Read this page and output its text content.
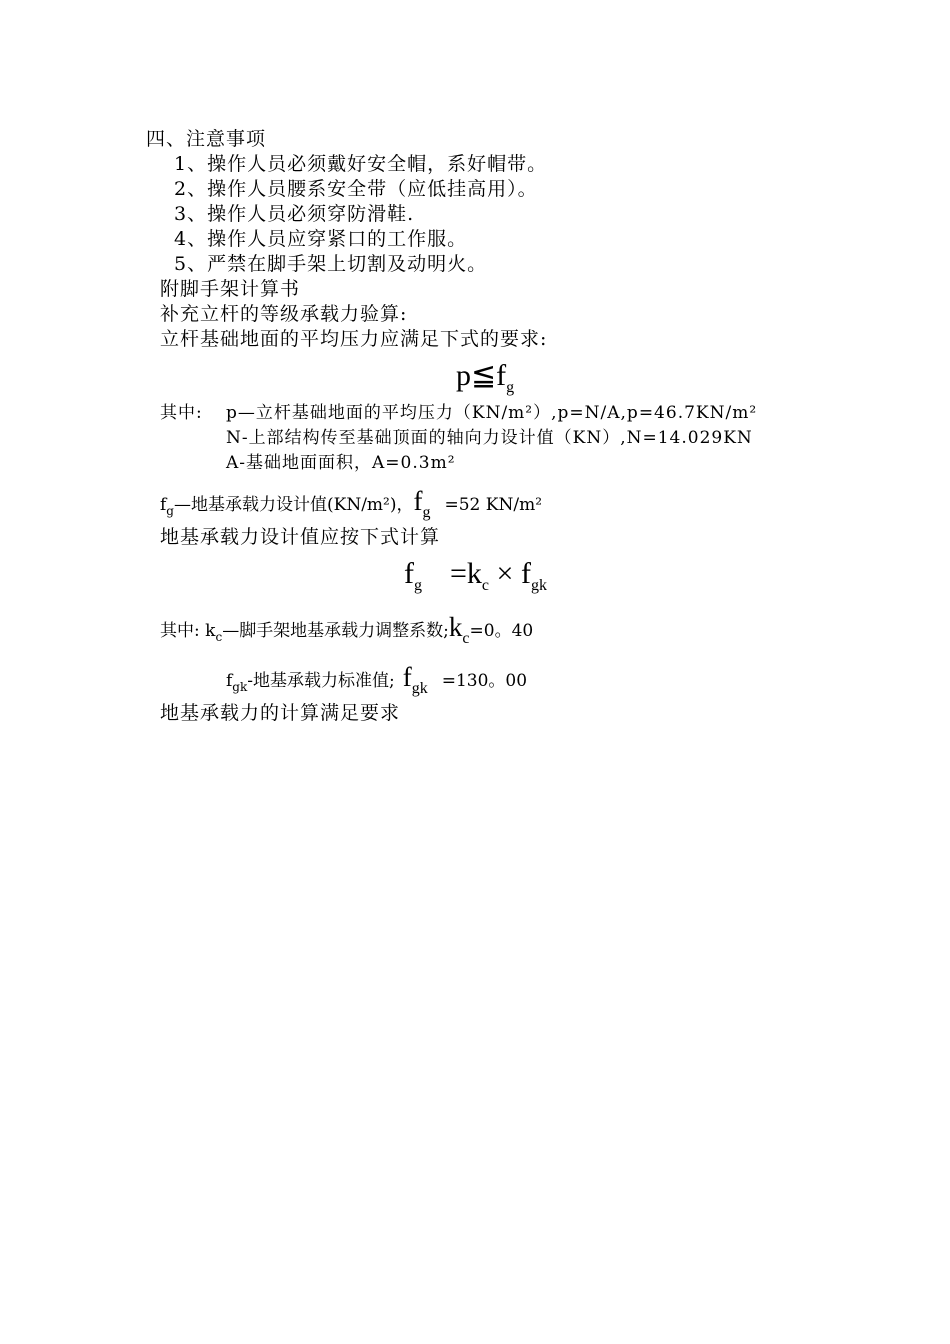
四、注意事项
1、操作人员必须戴好安全帽，系好帽带。
2、操作人员腰系安全带（应低挂高用）。
3、操作人员必须穿防滑鞋.
4、操作人员应穿紧口的工作服。
5、严禁在脚手架上切割及动明火。
附脚手架计算书
补充立杆的等级承载力验算:
立杆基础地面的平均压力应满足下式的要求:
$p≦f_g$
其中: p—立杆基础地面的平均压力（KN/m²）,p=N/A,p=46.7KN/m²
N-上部结构传至基础顶面的轴向力设计值（KN）,N=14.029KN
A-基础地面面积，A=0.3m²
$f_g—$地基承载力设计值(KN/m²)，fg =52 KN/m²
地基承载力设计值应按下式计算
$f_g =k_c \times f_{gk}$
其中: $k_c—$脚手架地基承载力调整系数;kc=0。40
$f_{gk}-$地基承载力标准值; fgk =130。00
地基承载力的计算满足要求
